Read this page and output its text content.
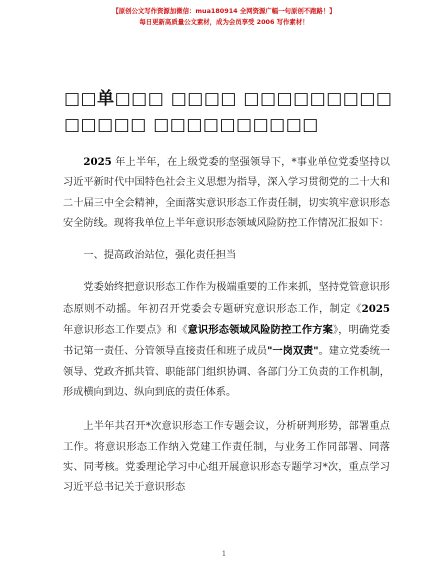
【原创公文写作资源加微信：mua180914 全网资源广幅一句原创不跑路！】
每日更新高质量公文素材，成为会员享受 2006 写作素材！
□□单□□□ □□□□ □□□□□□□□□□□□□□ □□□□□□□□□□

2025 年上半年，在上级党委的坚强领导下，*事业单位党委坚持以习近平新时代中国特色社会主义思想为指导，深入学习贯彻党的二十大和二十届三中全会精神，全面落实意识形态工作责任制，切实筑牢意识形态安全防线。现将我单位上半年意识形态领域风险防控工作情况汇报如下：

一、提高政治站位，强化责任担当

党委始终把意识形态工作作为极端重要的工作来抓，坚持党管意识形态原则不动摇。年初召开党委会专题研究意识形态工作，制定《2025 年意识形态工作要点》和《意识形态领域风险防控工作方案》，明确党委书记第一责任、分管领导直接责任和班子成员"一岗双责"。建立党委统一领导、党政齐抓共管、职能部门组织协调、各部门分工负责的工作机制，形成横向到边、纵向到底的责任体系。

上半年共召开*次意识形态工作专题会议，分析研判形势，部署重点工作。将意识形态工作纳入党建工作责任制，与业务工作同部署、同落实、同考核。党委理论学习中心组开展意识形态专题学习*次，重点学习习近平总书记关于意识形态

1
